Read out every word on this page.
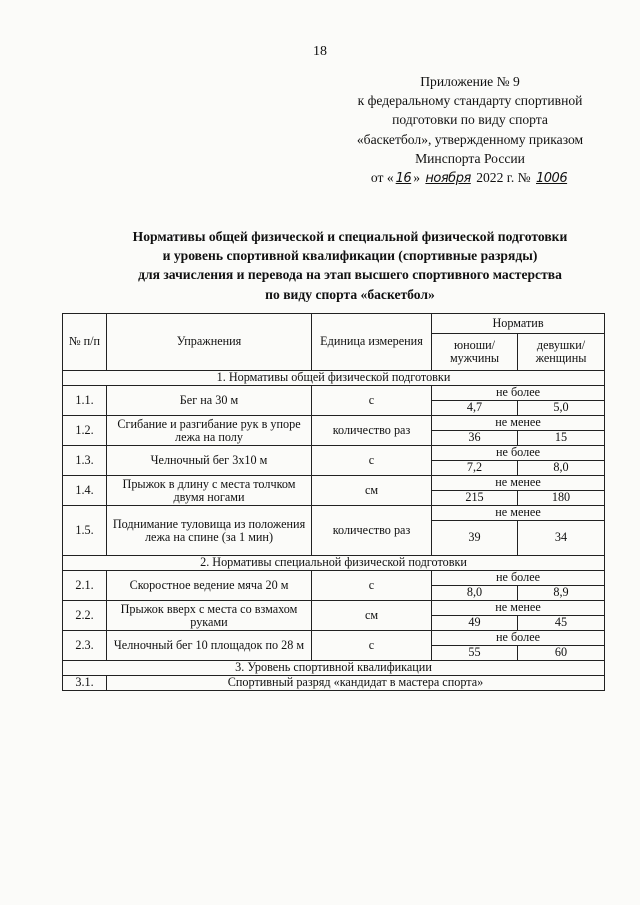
18
Приложение № 9
к федеральному стандарту спортивной
подготовки по виду спорта
«баскетбол», утвержденному приказом
Минспорта России
от « 16 » ноября 2022 г. № 1006
Нормативы общей физической и специальной физической подготовки
и уровень спортивной квалификации (спортивные разряды)
для зачисления и перевода на этап высшего спортивного мастерства
по виду спорта «баскетбол»
№ п/п	Упражнения	Единица измерения	Норматив	
			юноши/ мужчины	девушки/ женщины
1. Нормативы общей физической подготовки				
1.1.	Бег на 30 м	с	не более	
			4,7	5,0
1.2.	Сгибание и разгибание рук в упоре лежа на полу	количество раз	не менее	
			36	15
1.3.	Челночный бег 3х10 м	с	не более	
			7,2	8,0
1.4.	Прыжок в длину с места толчком двумя ногами	см	не менее	
			215	180
1.5.	Поднимание туловища из положения лежа на спине (за 1 мин)	количество раз	не менее	
			39	34
2. Нормативы специальной физической подготовки				
2.1.	Скоростное ведение мяча 20 м	с	не более	
			8,0	8,9
2.2.	Прыжок вверх с места со взмахом руками	см	не менее	
			49	45
2.3.	Челночный бег 10 площадок по 28 м	с	не более	
			55	60
3. Уровень спортивной квалификации				
3.1.	Спортивный разряд «кандидат в мастера спорта»			
